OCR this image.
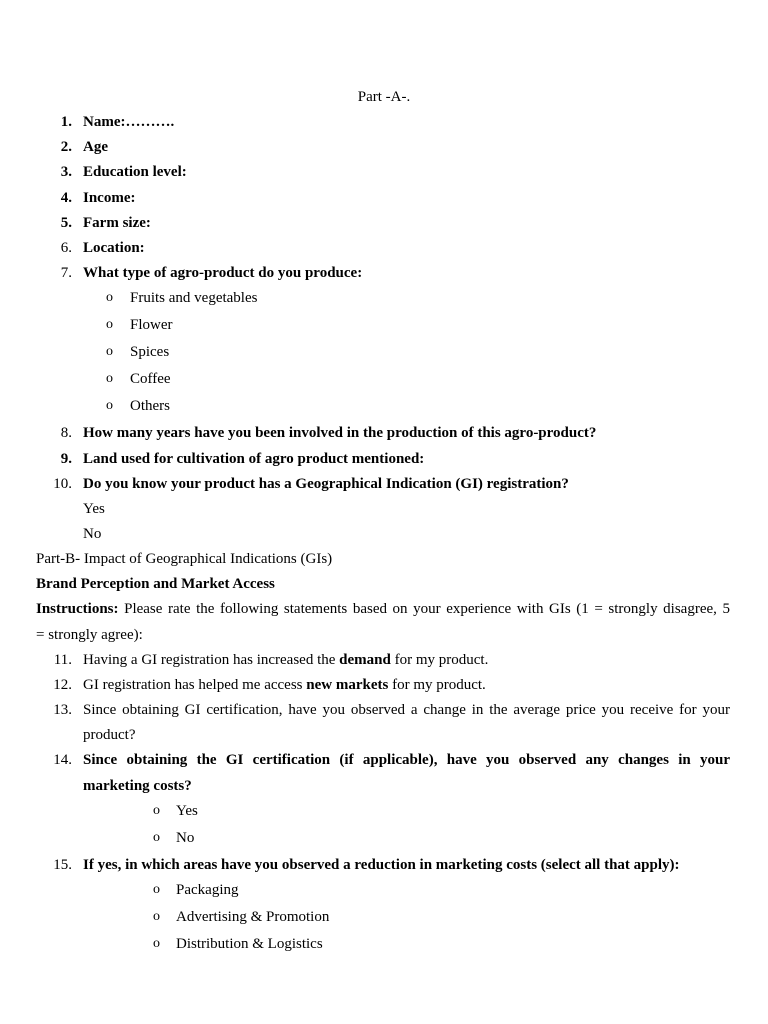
Part -A-.
1. Name:……….
2. Age
3. Education level:
4. Income:
5. Farm size:
6. Location:
7. What type of agro-product do you produce:
o Fruits and vegetables
o Flower
o Spices
o Coffee
o Others
8. How many years have you been involved in the production of this agro-product?
9. Land used for cultivation of agro product mentioned:
10. Do you know your product has a Geographical Indication (GI) registration?
Yes
No
Part-B- Impact of Geographical Indications (GIs)
Brand Perception and Market Access
Instructions: Please rate the following statements based on your experience with GIs (1 = strongly disagree, 5
= strongly agree):
11. Having a GI registration has increased the demand for my product.
12. GI registration has helped me access new markets for my product.
13. Since obtaining GI certification, have you observed a change in the average price you receive for your
product?
14. Since obtaining the GI certification (if applicable), have you observed any changes in your
marketing costs?
o Yes
o No
15. If yes, in which areas have you observed a reduction in marketing costs (select all that apply):
o Packaging
o Advertising & Promotion
o Distribution & Logistics
